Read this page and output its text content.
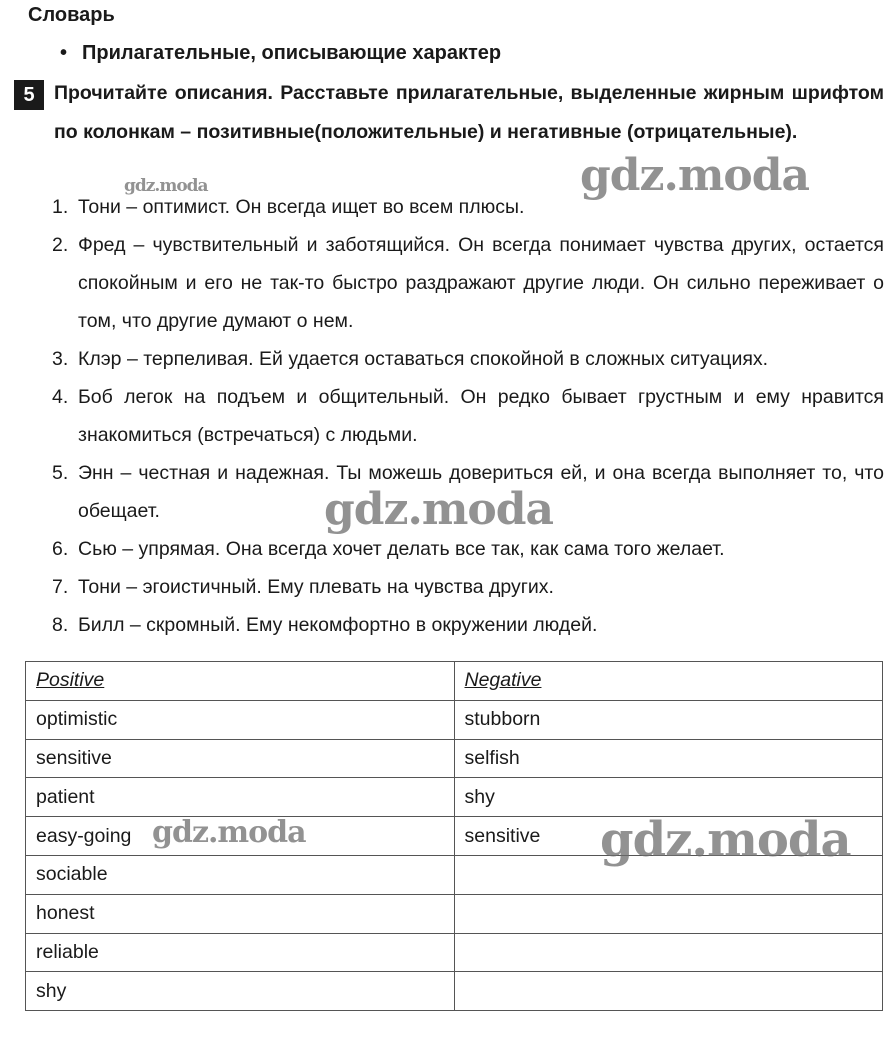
Словарь
• Прилагательные, описывающие характер
5 Прочитайте описания. Расставьте прилагательные, выделенные жирным шрифтом по колонкам – позитивные(положительные) и негативные (отрицательные).
1. Тони – оптимист. Он всегда ищет во всем плюсы.
2. Фред – чувствительный и заботящийся. Он всегда понимает чувства других, остается спокойным и его не так-то быстро раздражают другие люди. Он сильно переживает о том, что другие думают о нем.
3. Клэр – терпеливая. Ей удается оставаться спокойной в сложных ситуациях.
4. Боб легок на подъем и общительный. Он редко бывает грустным и ему нравится знакомиться (встречаться) с людьми.
5. Энн – честная и надежная. Ты можешь довериться ей, и она всегда выполняет то, что обещает.
6. Сью – упрямая. Она всегда хочет делать все так, как сама того желает.
7. Тони – эгоистичный. Ему плевать на чувства других.
8. Билл – скромный. Ему некомфортно в окружении людей.
Positive	Negative
optimistic	stubborn
sensitive	selfish
patient	shy
easy-going	sensitive
sociable	
honest	
reliable	
shy	
gdz.moda	gdz.moda
gdz.moda
gdz.moda	gdz.moda
